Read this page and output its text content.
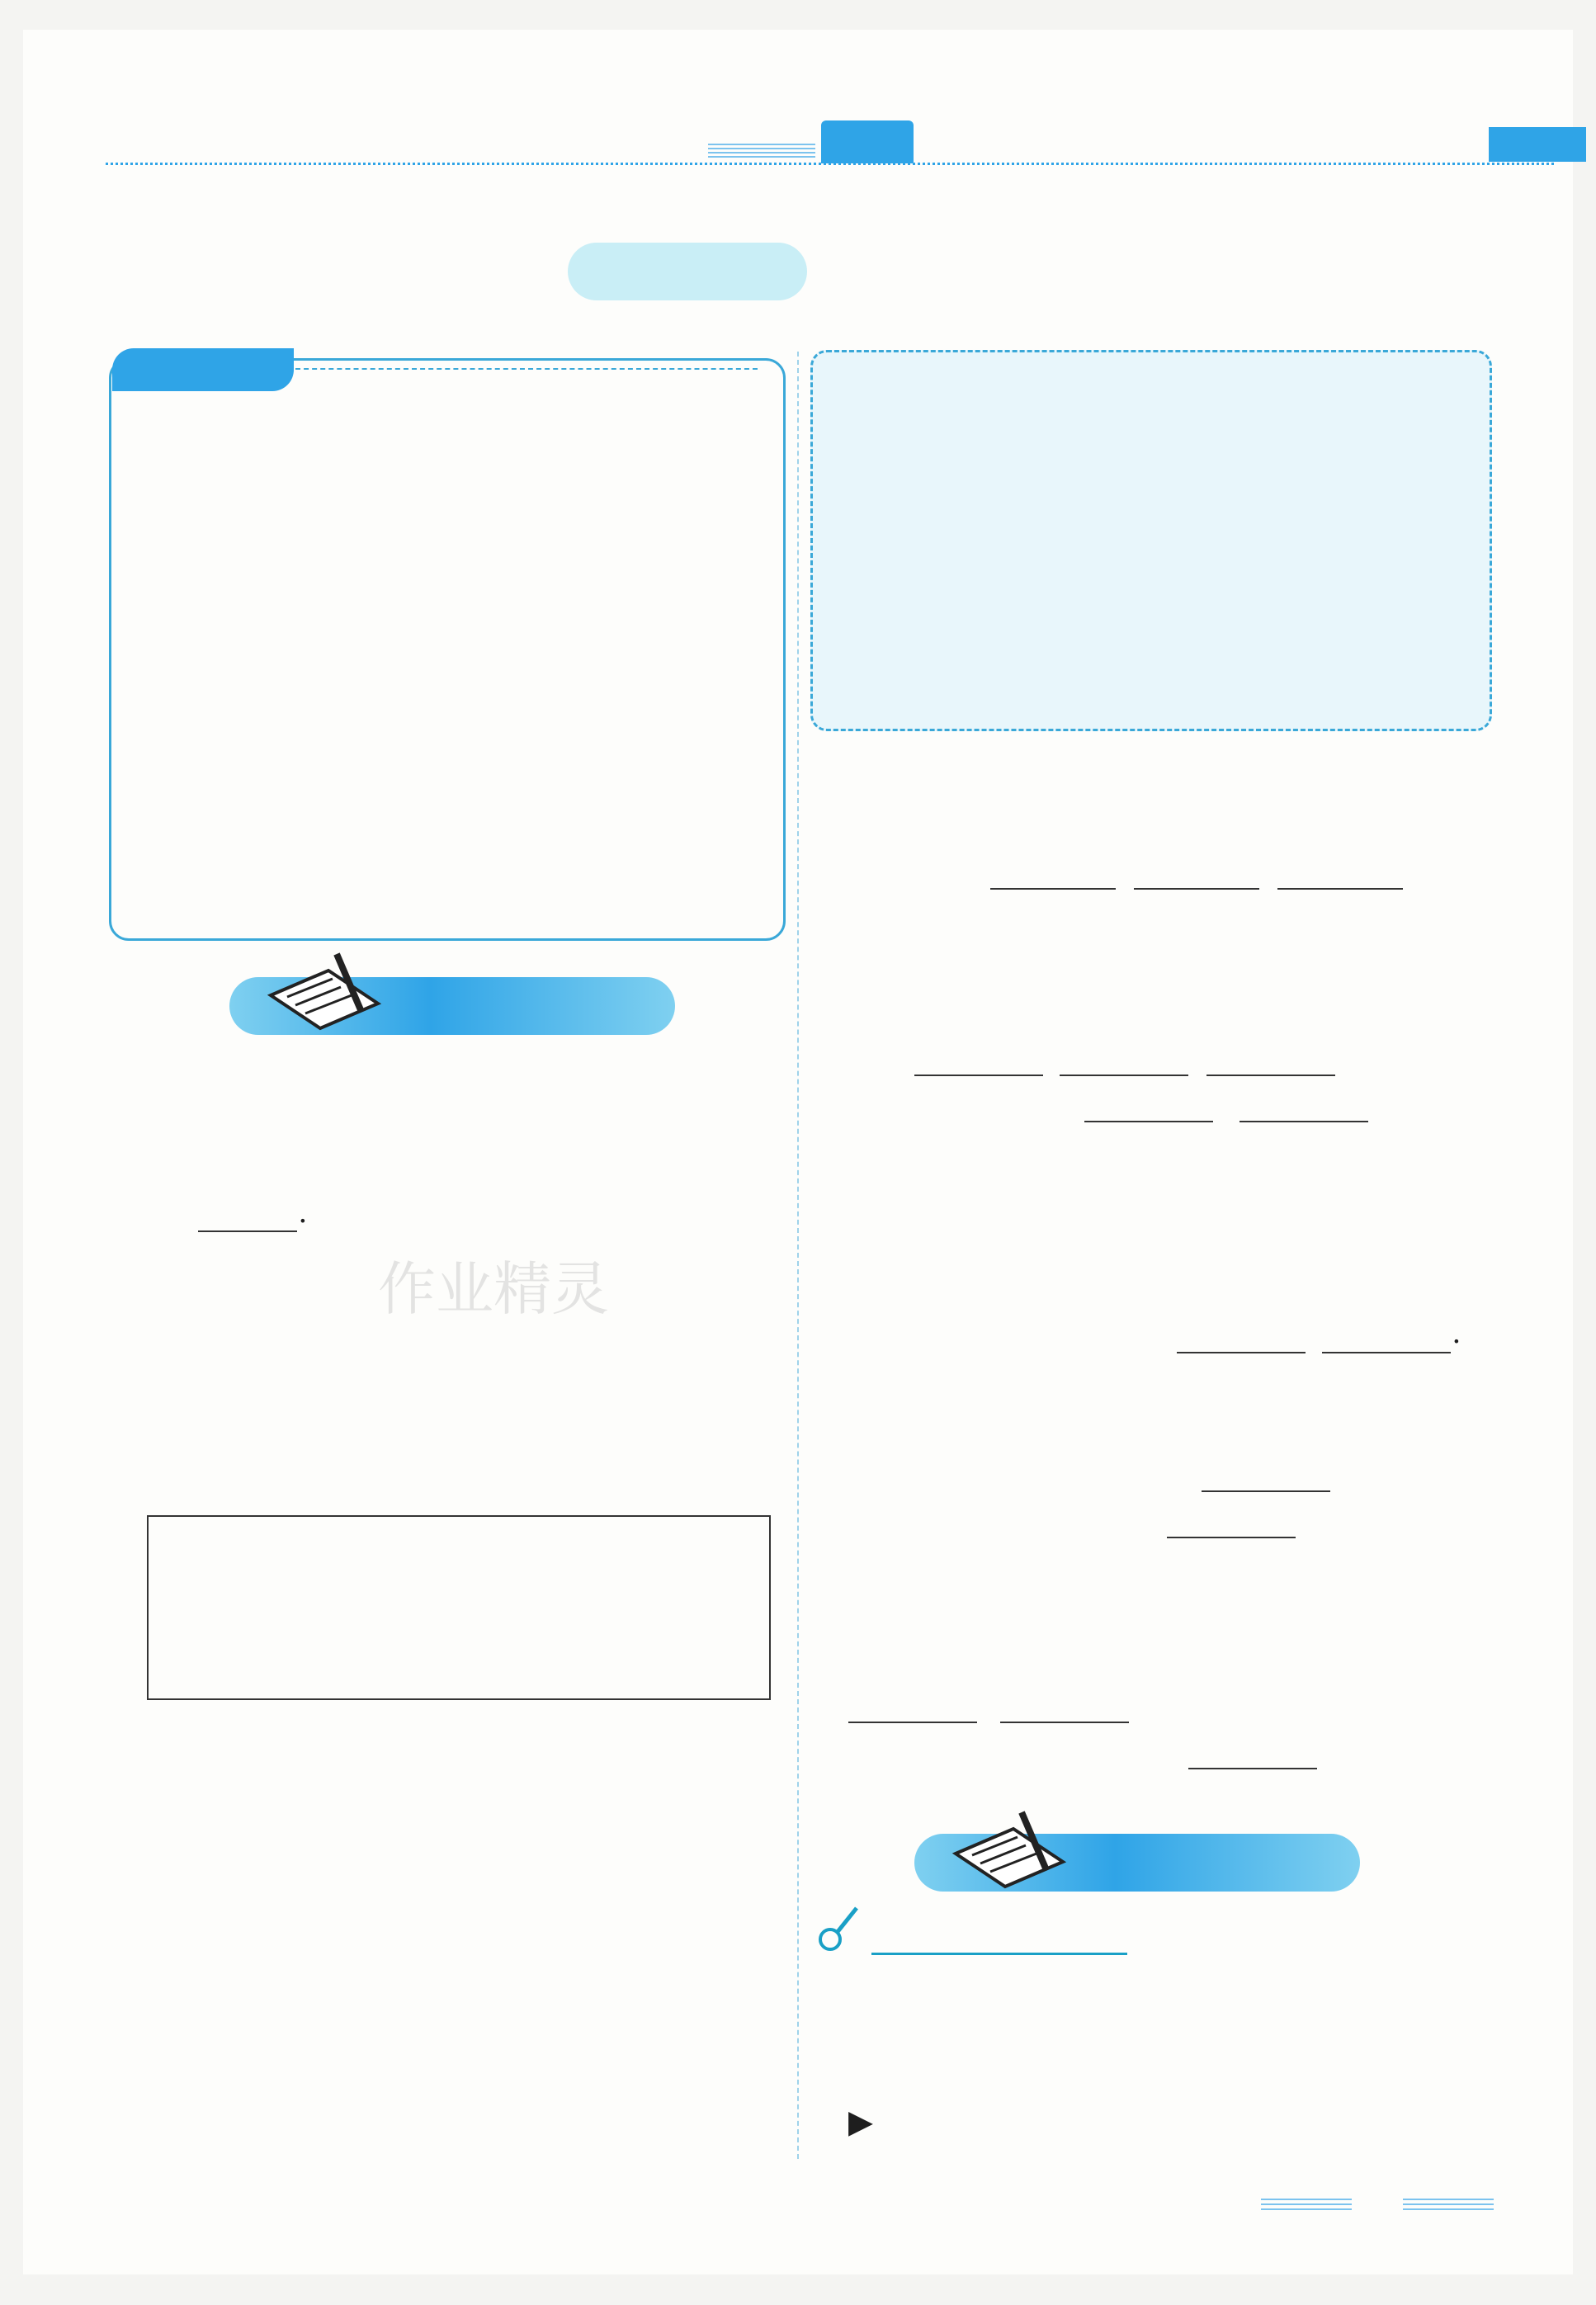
.
作业精灵
.
▶
